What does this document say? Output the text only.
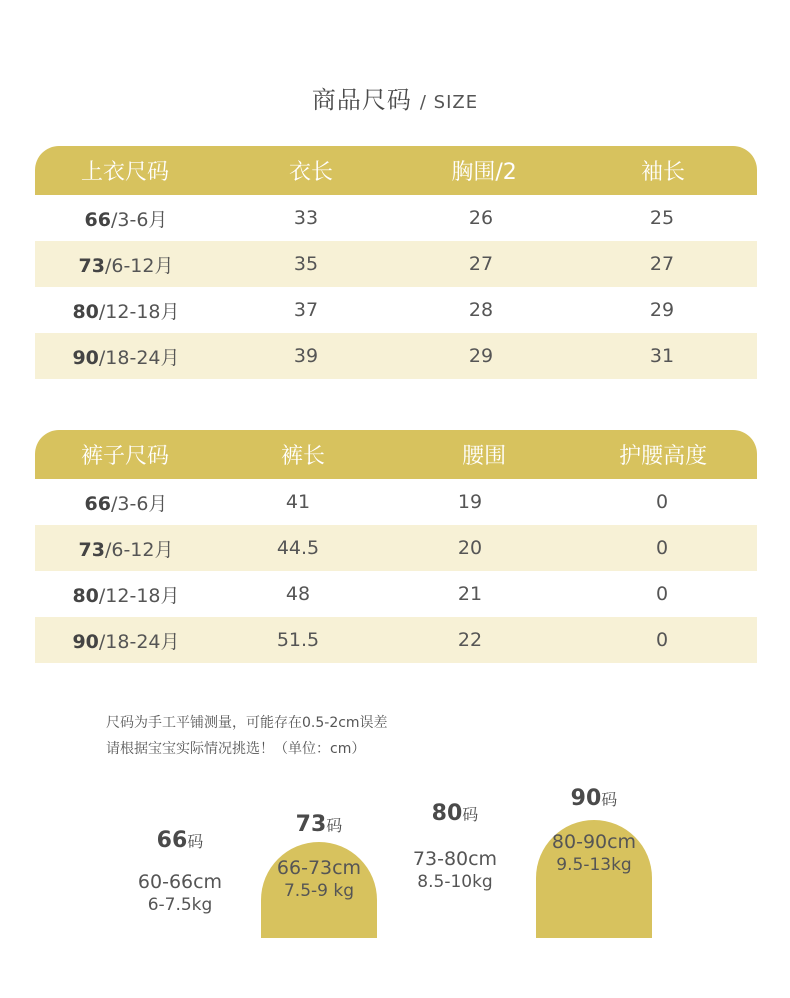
商品尺码 / SIZE
上衣尺码	衣长	胸围/2	袖长
66/3-6月	33	26	25
73/6-12月	35	27	27
80/12-18月	37	28	29
90/18-24月	39	29	31
裤子尺码	裤长	腰围	护腰高度
66/3-6月	41	19	0
73/6-12月	44.5	20	0
80/12-18月	48	21	0
90/18-24月	51.5	22	0
尺码为手工平铺测量，可能存在0.5-2cm误差
请根据宝宝实际情况挑选！（单位：cm）
66码
60-66cm
6-7.5kg
73码
66-73cm
7.5-9 kg
80码
73-80cm
8.5-10kg
90码
80-90cm
9.5-13kg
